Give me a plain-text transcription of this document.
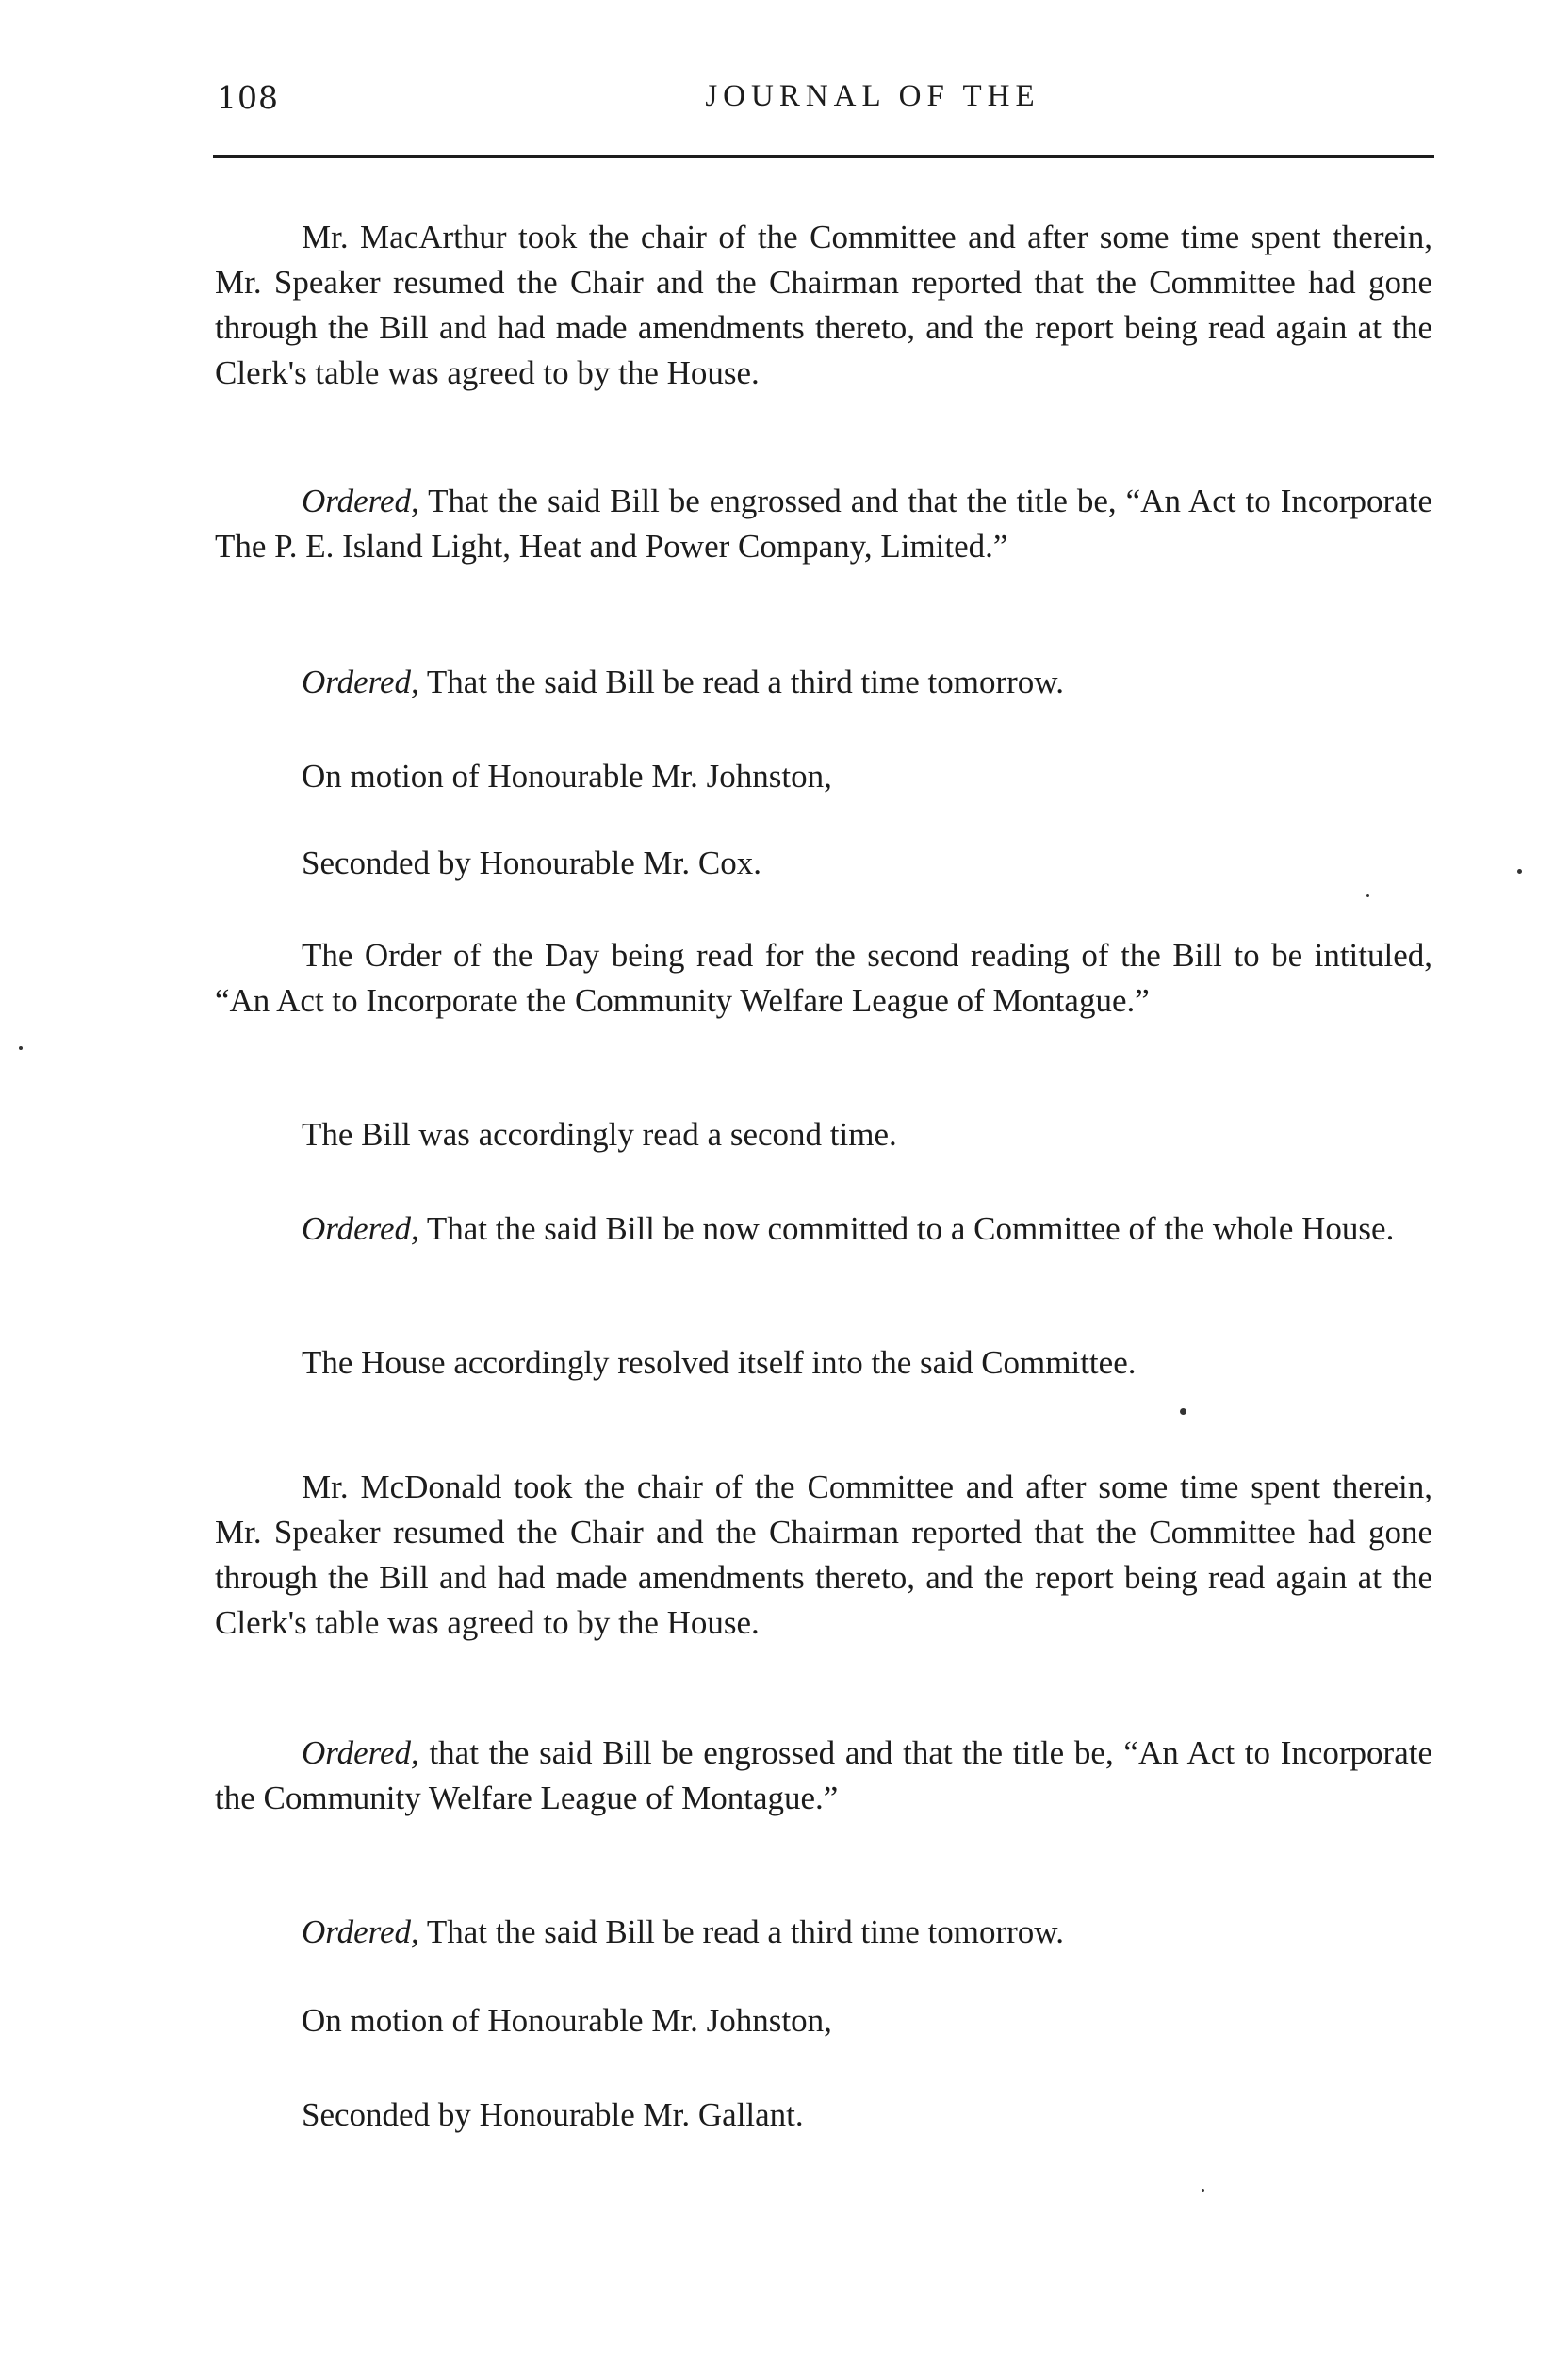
108	JOURNAL OF THE

Mr. MacArthur took the chair of the Committee and after some time spent therein, Mr. Speaker resumed the Chair and the Chairman reported that the Committee had gone through the Bill and had made amendments thereto, and the report being read again at the Clerk's table was agreed to by the House.

Ordered, That the said Bill be engrossed and that the title be, “An Act to Incorporate The P. E. Island Light, Heat and Power Company, Limited.”

Ordered, That the said Bill be read a third time tomorrow.

On motion of Honourable Mr. Johnston,

Seconded by Honourable Mr. Cox.

The Order of the Day being read for the second reading of the Bill to be intituled, “An Act to Incorporate the Community Welfare League of Montague.”

The Bill was accordingly read a second time.

Ordered, That the said Bill be now committed to a Committee of the whole House.

The House accordingly resolved itself into the said Committee.

Mr. McDonald took the chair of the Committee and after some time spent therein, Mr. Speaker resumed the Chair and the Chairman reported that the Committee had gone through the Bill and had made amendments thereto, and the report being read again at the Clerk's table was agreed to by the House.

Ordered, that the said Bill be engrossed and that the title be, “An Act to Incorporate the Community Welfare League of Montague.”

Ordered, That the said Bill be read a third time tomorrow.

On motion of Honourable Mr. Johnston,

Seconded by Honourable Mr. Gallant.
